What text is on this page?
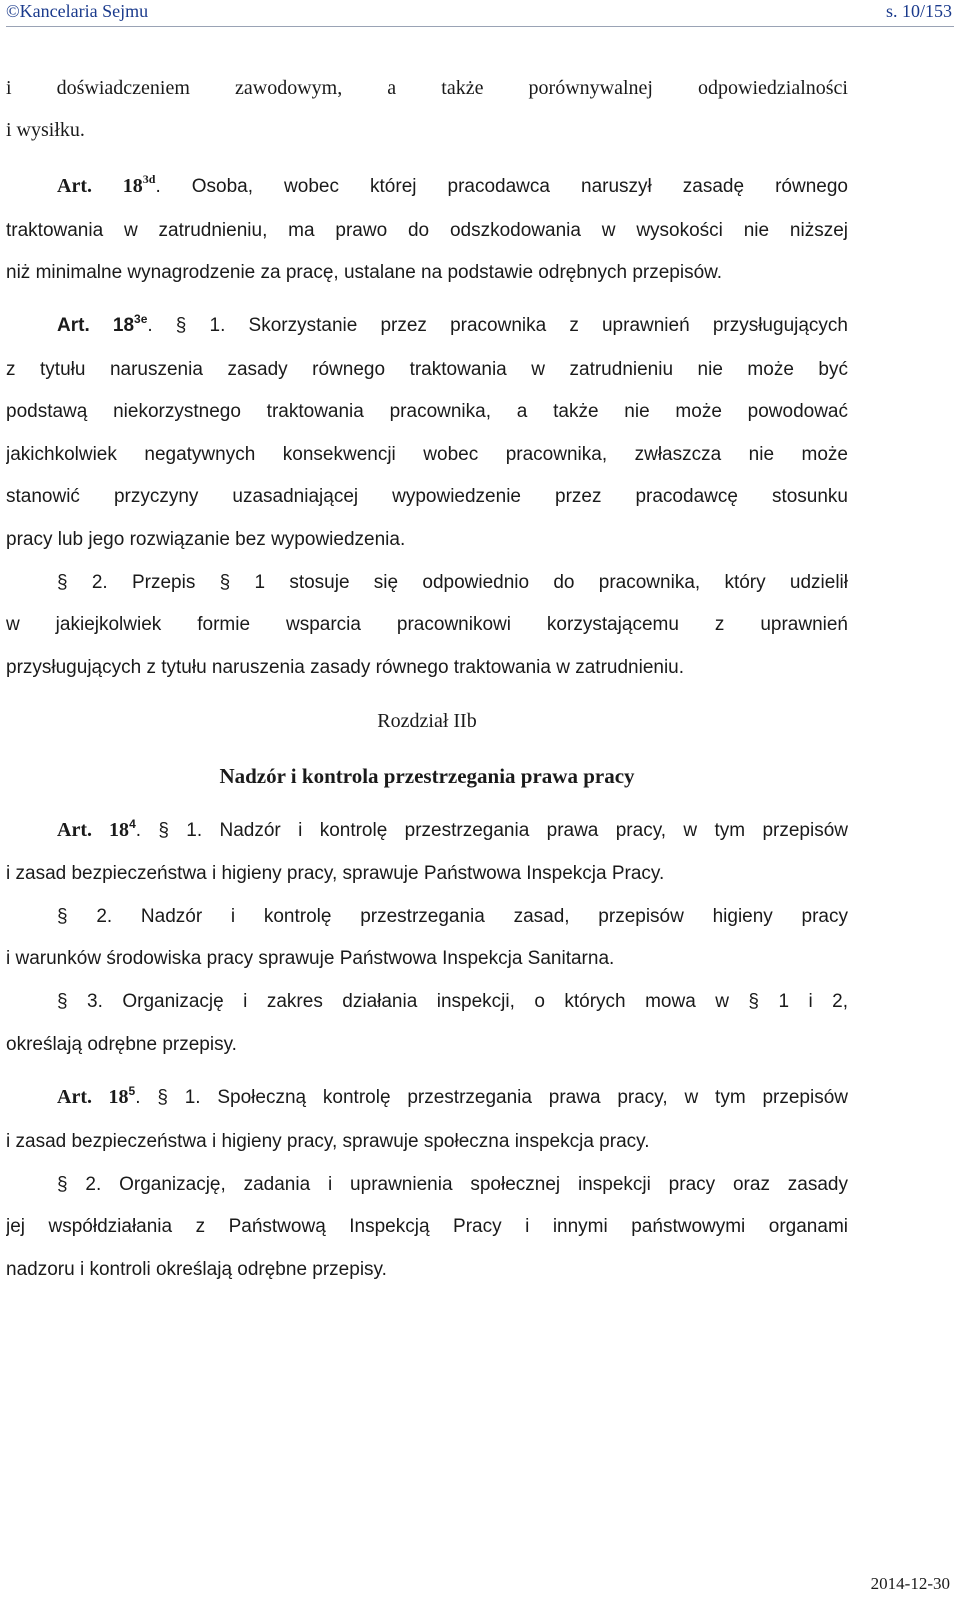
©Kancelaria Sejmu	s. 10/153
i doświadczeniem zawodowym, a także porównywalnej odpowiedzialności
i wysiłku.
Art. $18^{3d}$. Osoba, wobec której pracodawca naruszył zasadę równego
traktowania w zatrudnieniu, ma prawo do odszkodowania w wysokości nie niższej
niż minimalne wynagrodzenie za pracę, ustalane na podstawie odrębnych przepisów.
Art. $18^{3e}$. § 1. Skorzystanie przez pracownika z uprawnień przysługujących
z tytułu naruszenia zasady równego traktowania w zatrudnieniu nie może być
podstawą niekorzystnego traktowania pracownika, a także nie może powodować
jakichkolwiek negatywnych konsekwencji wobec pracownika, zwłaszcza nie może
stanowić przyczyny uzasadniającej wypowiedzenie przez pracodawcę stosunku
pracy lub jego rozwiązanie bez wypowiedzenia.
§ 2. Przepis § 1 stosuje się odpowiednio do pracownika, który udzielił
w jakiejkolwiek formie wsparcia pracownikowi korzystającemu z uprawnień
przysługujących z tytułu naruszenia zasady równego traktowania w zatrudnieniu.
Rozdział IIb
Nadzór i kontrola przestrzegania prawa pracy
Art. $18^4$. § 1. Nadzór i kontrolę przestrzegania prawa pracy, w tym przepisów
i zasad bezpieczeństwa i higieny pracy, sprawuje Państwowa Inspekcja Pracy.
§ 2. Nadzór i kontrolę przestrzegania zasad, przepisów higieny pracy
i warunków środowiska pracy sprawuje Państwowa Inspekcja Sanitarna.
§ 3. Organizację i zakres działania inspekcji, o których mowa w § 1 i 2,
określają odrębne przepisy.
Art. $18^5$. § 1. Społeczną kontrolę przestrzegania prawa pracy, w tym przepisów
i zasad bezpieczeństwa i higieny pracy, sprawuje społeczna inspekcja pracy.
§ 2. Organizację, zadania i uprawnienia społecznej inspekcji pracy oraz zasady
jej współdziałania z Państwową Inspekcją Pracy i innymi państwowymi organami
nadzoru i kontroli określają odrębne przepisy.
2014-12-30
